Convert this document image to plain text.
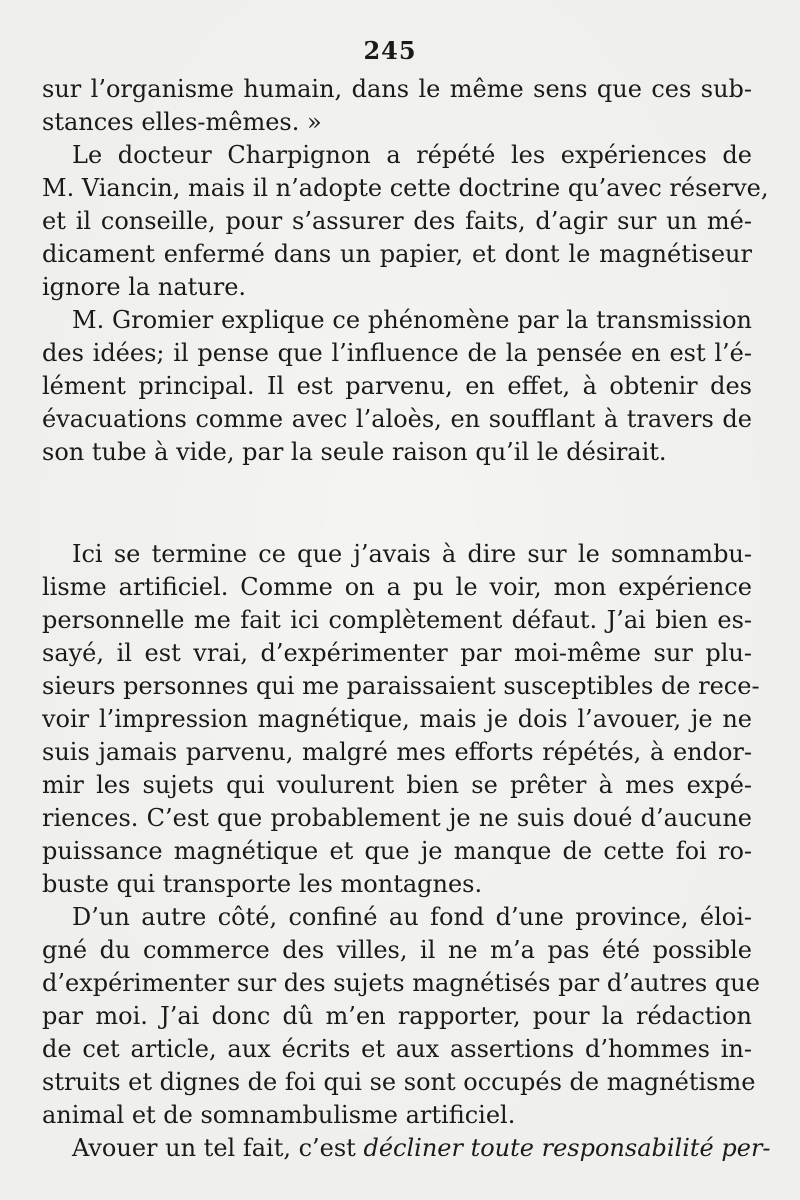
245
sur l’organisme humain, dans le même sens que ces sub-
stances elles-mêmes. »
Le docteur Charpignon a répété les expériences de
M. Viancin, mais il n’adopte cette doctrine qu’avec réserve,
et il conseille, pour s’assurer des faits, d’agir sur un mé-
dicament enfermé dans un papier, et dont le magnétiseur
ignore la nature.
M. Gromier explique ce phénomène par la transmission
des idées; il pense que l’influence de la pensée en est l’é-
lément principal. Il est parvenu, en effet, à obtenir des
évacuations comme avec l’aloès, en soufflant à travers de
son tube à vide, par la seule raison qu’il le désirait.
Ici se termine ce que j’avais à dire sur le somnambu-
lisme artificiel. Comme on a pu le voir, mon expérience
personnelle me fait ici complètement défaut. J’ai bien es-
sayé, il est vrai, d’expérimenter par moi-même sur plu-
sieurs personnes qui me paraissaient susceptibles de rece-
voir l’impression magnétique, mais je dois l’avouer, je ne
suis jamais parvenu, malgré mes efforts répétés, à endor-
mir les sujets qui voulurent bien se prêter à mes expé-
riences. C’est que probablement je ne suis doué d’aucune
puissance magnétique et que je manque de cette foi ro-
buste qui transporte les montagnes.
D’un autre côté, confiné au fond d’une province, éloi-
gné du commerce des villes, il ne m’a pas été possible
d’expérimenter sur des sujets magnétisés par d’autres que
par moi. J’ai donc dû m’en rapporter, pour la rédaction
de cet article, aux écrits et aux assertions d’hommes in-
struits et dignes de foi qui se sont occupés de magnétisme
animal et de somnambulisme artificiel.
Avouer un tel fait, c’est décliner toute responsabilité per-
